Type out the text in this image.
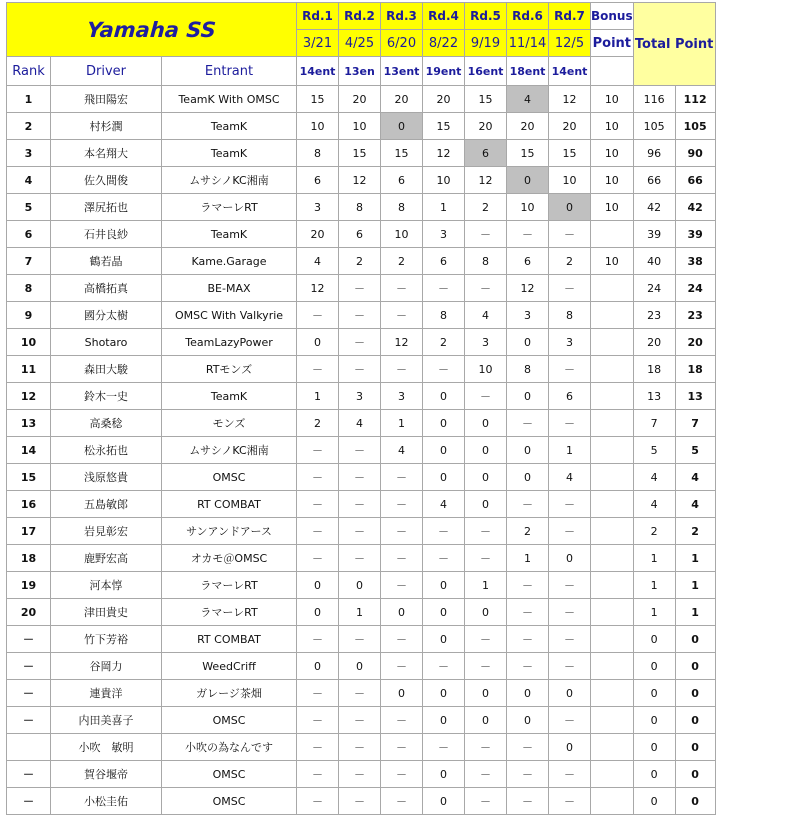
Yamaha SS			Rd.1	Rd.2	Rd.3	Rd.4	Rd.5	Rd.6	Rd.7	Bonus	Total Point	
			3/21	4/25	6/20	8/22	9/19	11/14	12/5	Point		
Rank	Driver	Entrant	14ent	13en	13ent	19ent	16ent	18ent	14ent			
1	飛田陽宏	TeamK With OMSC	15	20	20	20	15	4	12	10	116	112
2	村杉潤	TeamK	10	10	0	15	20	20	20	10	105	105
3	本名翔大	TeamK	8	15	15	12	6	15	15	10	96	90
4	佐久間俊	ムサシノKC湘南	6	12	6	10	12	0	10	10	66	66
5	澤尻拓也	ラマーレRT	3	8	8	1	2	10	0	10	42	42
6	石井良紗	TeamK	20	6	10	3	－	－	－		39	39
7	鶴若晶	Kame.Garage	4	2	2	6	8	6	2	10	40	38
8	高橋拓真	BE-MAX	12	－	－	－	－	12	－		24	24
9	國分太樹	OMSC With Valkyrie	－	－	－	8	4	3	8		23	23
10	Shotaro	TeamLazyPower	0	－	12	2	3	0	3		20	20
11	森田大駿	RTモンズ	－	－	－	－	10	8	－		18	18
12	鈴木一史	TeamK	1	3	3	0	－	0	6		13	13
13	高桑稔	モンズ	2	4	1	0	0	－	－		7	7
14	松永拓也	ムサシノKC湘南	－	－	4	0	0	0	1		5	5
15	浅原悠貴	OMSC	－	－	－	0	0	0	4		4	4
16	五島敏郎	RT COMBAT	－	－	－	4	0	－	－		4	4
17	岩見彰宏	サンアンドアース	－	－	－	－	－	2	－		2	2
18	鹿野宏高	オカモ＠OMSC	－	－	－	－	－	1	0		1	1
19	河本惇	ラマーレRT	0	0	－	0	1	－	－		1	1
20	津田貴史	ラマーレRT	0	1	0	0	0	－	－		1	1
－	竹下芳裕	RT COMBAT	－	－	－	0	－	－	－		0	0
－	谷岡力	WeedCriff	0	0	－	－	－	－	－		0	0
－	連貴洋	ガレージ茶畑	－	－	0	0	0	0	0		0	0
－	内田美喜子	OMSC	－	－	－	0	0	0	－		0	0
	小吹　敏明	小吹の為なんです	－	－	－	－	－	－	0		0	0
－	賀谷堰帝	OMSC	－	－	－	0	－	－	－		0	0
－	小松圭佑	OMSC	－	－	－	0	－	－	－		0	0
